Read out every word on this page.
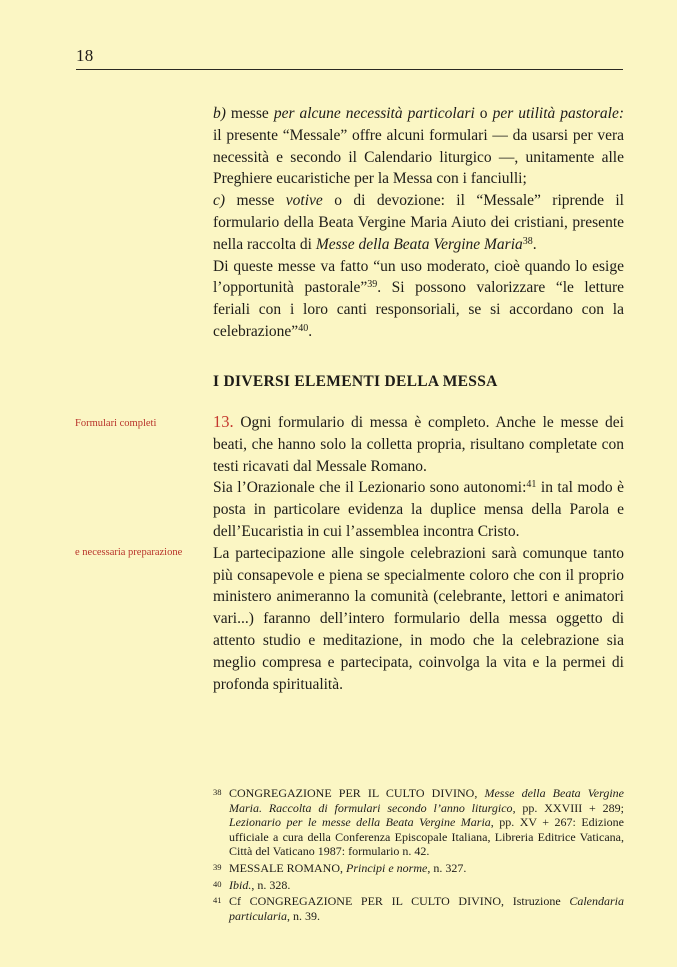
18

b) messe per alcune necessità particolari o per utilità pastorale: il presente “Messale” offre alcuni formulari — da usarsi per vera necessità e secondo il Calendario liturgico —, unitamente alle Preghiere eucaristiche per la Messa con i fanciulli;

c) messe votive o di devozione: il “Messale” riprende il formulario della Beata Vergine Maria Aiuto dei cristiani, presente nella raccolta di Messe della Beata Vergine Maria$^{38}$.

Di queste messe va fatto “un uso moderato, cioè quando lo esige l’opportunità pastorale”$^{39}$. Si possono valorizzare “le letture feriali con i loro canti responsoriali, se si accordano con la celebrazione”$^{40}$.

I DIVERSI ELEMENTI DELLA MESSA
Formulari completi
e necessaria preparazione

13. Ogni formulario di messa è completo. Anche le messe dei beati, che hanno solo la colletta propria, risultano completate con testi ricavati dal Messale Romano.

Sia l’Orazionale che il Lezionario sono autonomi:$^{41}$ in tal modo è posta in particolare evidenza la duplice mensa della Parola e dell’Eucaristia in cui l’assemblea incontra Cristo.

La partecipazione alle singole celebrazioni sarà comunque tanto più consapevole e piena se specialmente coloro che con il proprio ministero animeranno la comunità (celebrante, lettori e animatori vari...) faranno dell’intero formulario della messa oggetto di attento studio e meditazione, in modo che la celebrazione sia meglio compresa e partecipata, coinvolga la vita e la permei di profonda spiritualità.

38 CONGREGAZIONE PER IL CULTO DIVINO, Messe della Beata Vergine Maria. Raccolta di formulari secondo l’anno liturgico, pp. XXVIII + 289; Lezionario per le messe della Beata Vergine Maria, pp. XV + 267: Edizione ufficiale a cura della Conferenza Episcopale Italiana, Libreria Editrice Vaticana, Città del Vaticano 1987: formulario n. 42.

39 MESSALE ROMANO, Principi e norme, n. 327.

40 Ibid., n. 328.

41 Cf CONGREGAZIONE PER IL CULTO DIVINO, Istruzione Calendaria particularia, n. 39.
